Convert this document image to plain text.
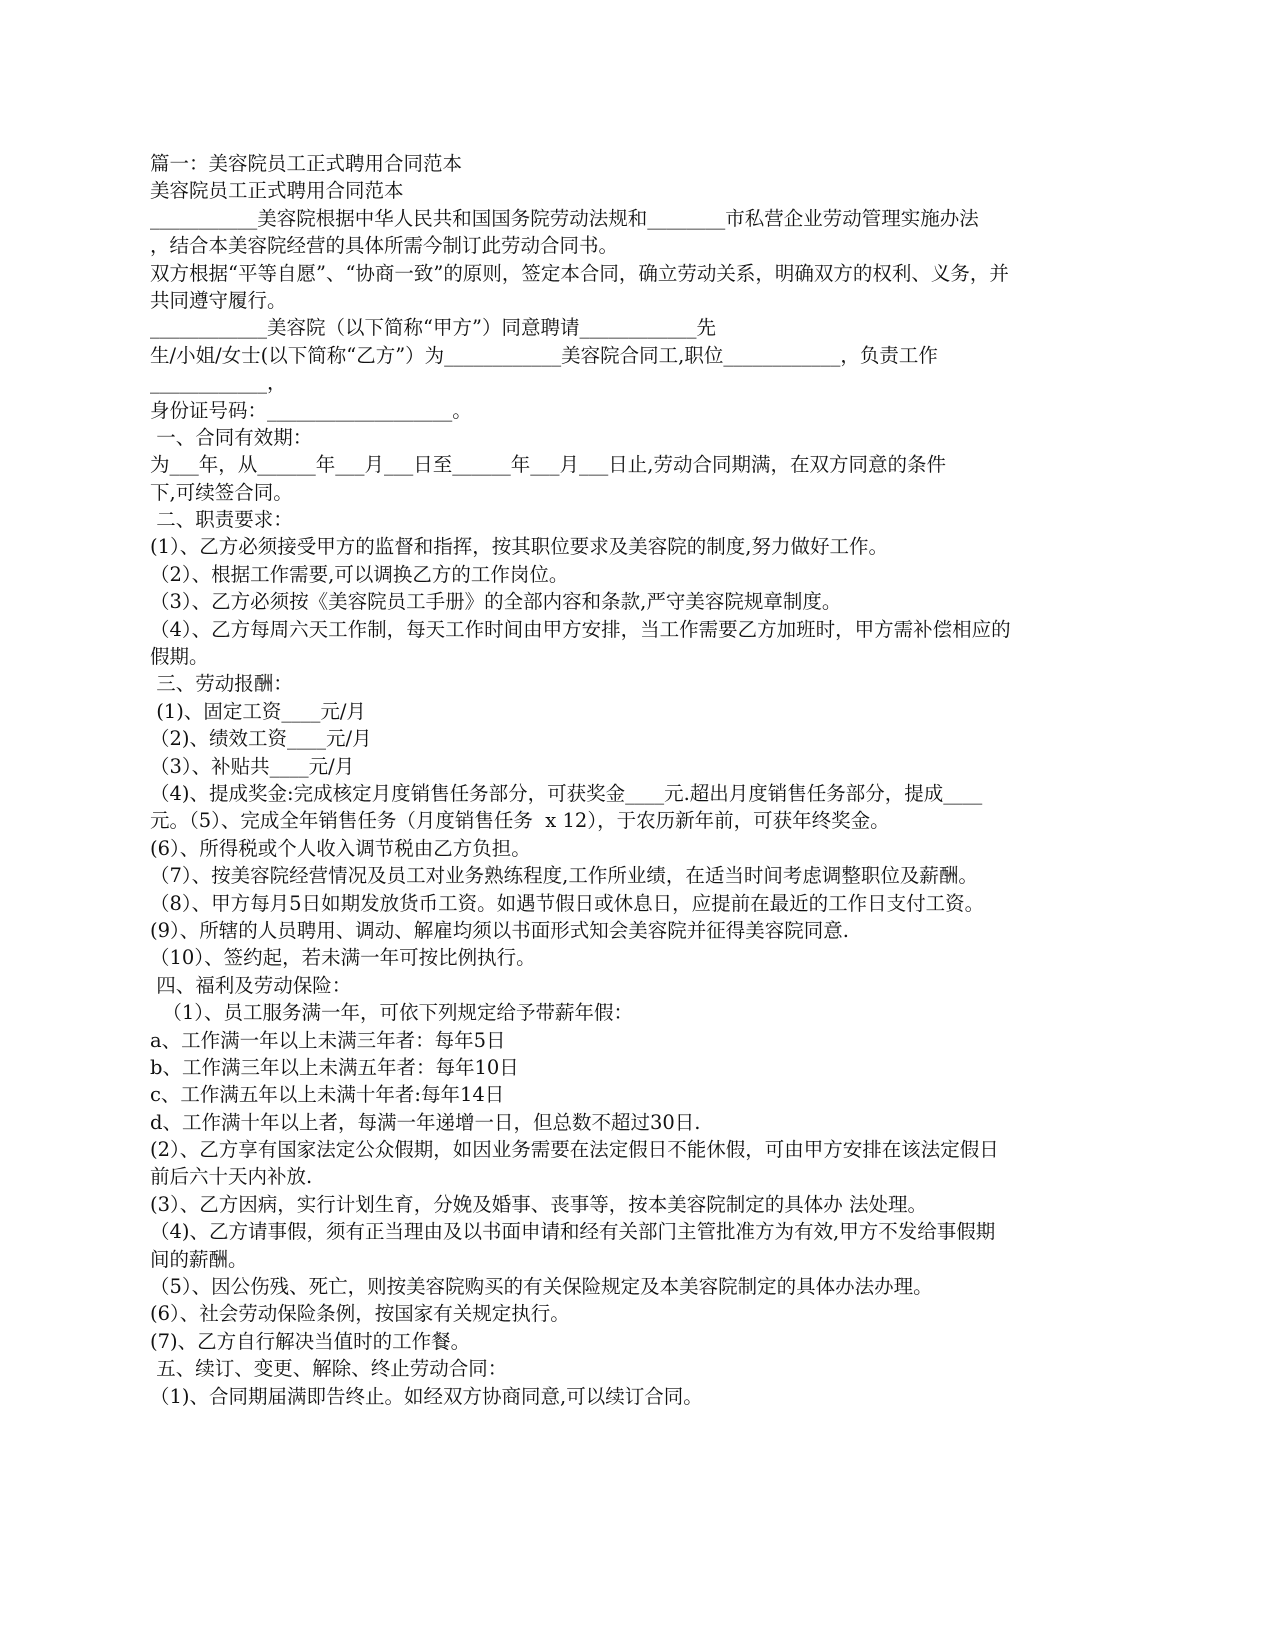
篇一：美容院员工正式聘用合同范本
美容院员工正式聘用合同范本
___________美容院根据中华人民共和国国务院劳动法规和________市私营企业劳动管理实施办法
，结合本美容院经营的具体所需今制订此劳动合同书。
双方根据“平等自愿”、“协商一致”的原则，签定本合同，确立劳动关系，明确双方的权利、义务，并
共同遵守履行。
____________美容院（以下简称“甲方”）同意聘请____________先
生/小姐/女士(以下简称“乙方”）为____________美容院合同工,职位____________，负责工作
____________，
身份证号码：___________________。
一、合同有效期：
为___年，从______年___月___日至______年___月___日止,劳动合同期满，在双方同意的条件
下,可续签合同。
二、职责要求：
(1）、乙方必须接受甲方的监督和指挥，按其职位要求及美容院的制度,努力做好工作。
（2）、根据工作需要,可以调换乙方的工作岗位。
（3）、乙方必须按《美容院员工手册》的全部内容和条款,严守美容院规章制度。
（4）、乙方每周六天工作制，每天工作时间由甲方安排，当工作需要乙方加班时，甲方需补偿相应的
假期。
三、劳动报酬：
(1)、固定工资____元/月
（2)、绩效工资____元/月
（3）、补贴共____元/月
（4)、提成奖金:完成核定月度销售任务部分，可获奖金____元.超出月度销售任务部分，提成____
元。（5）、完成全年销售任务（月度销售任务  x 12），于农历新年前，可获年终奖金。
(6）、所得税或个人收入调节税由乙方负担。
（7）、按美容院经营情况及员工对业务熟练程度,工作所业绩，在适当时间考虑调整职位及薪酬。
（8）、甲方每月5日如期发放货币工资。如遇节假日或休息日，应提前在最近的工作日支付工资。
(9）、所辖的人员聘用、调动、解雇均须以书面形式知会美容院并征得美容院同意.
（10）、签约起，若未满一年可按比例执行。
四、福利及劳动保险：
（1）、员工服务满一年，可依下列规定给予带薪年假：
a、工作满一年以上未满三年者：每年5日
b、工作满三年以上未满五年者：每年10日
c、工作满五年以上未满十年者:每年14日
d、工作满十年以上者，每满一年递增一日，但总数不超过30日.
(2）、乙方享有国家法定公众假期，如因业务需要在法定假日不能休假，可由甲方安排在该法定假日
前后六十天内补放.
(3）、乙方因病，实行计划生育，分娩及婚事、丧事等，按本美容院制定的具体办 法处理。
（4)、乙方请事假，须有正当理由及以书面申请和经有关部门主管批准方为有效,甲方不发给事假期
间的薪酬。
（5）、因公伤残、死亡，则按美容院购买的有关保险规定及本美容院制定的具体办法办理。
(6）、社会劳动保险条例，按国家有关规定执行。
(7)、乙方自行解决当值时的工作餐。
五、续订、变更、解除、终止劳动合同：
（1)、合同期届满即告终止。如经双方协商同意,可以续订合同。
